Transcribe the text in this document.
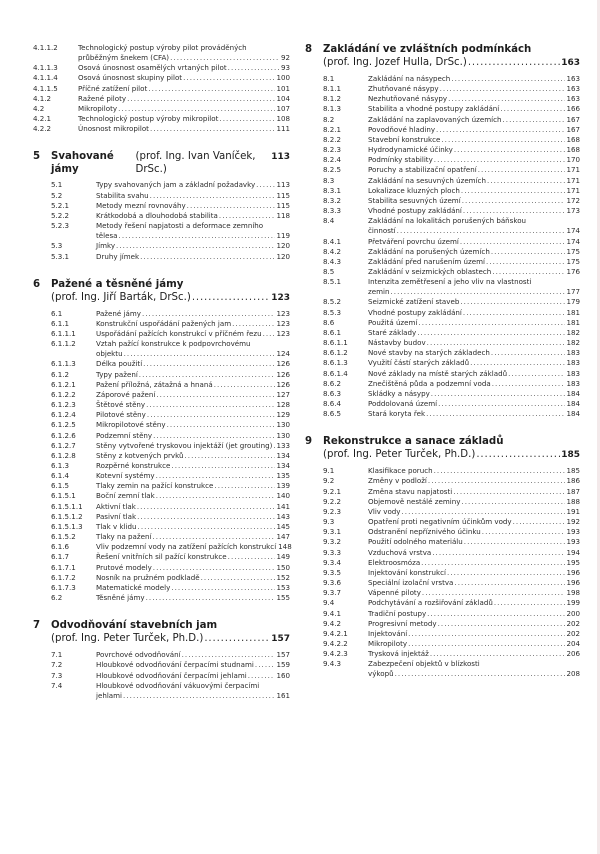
4.1.1.2	Technologický postup výroby pilot prováděných
průběžným šnekem (CFA) . . .	92
4.1.1.3	Osová únosnost osamělých vrtaných pilot . . .	93
4.1.1.4	Osová únosnost skupiny pilot . . .	100
4.1.1.5	Příčné zatížení pilot . . .	101
4.1.2	Ražené piloty . . .	104
4.2	Mikropiloty . . .	107
4.2.1	Technologický postup výroby mikropilot . . .	108
4.2.2	Únosnost mikropilot . . .	111
5 Svahované jámy

(prof. Ing. Ivan Vaníček, DrSc.)
113
5.1	Typy svahovaných jam a základní požadavky . . .	113
5.2	Stabilita svahu . . .	115
5.2.1	Metody mezní rovnováhy . . .	115
5.2.2	Krátkodobá a dlouhodobá stabilita . . .	118
5.2.3	Metody řešení napjatosti a deformace zemního
tělesa . . .	119
5.3	Jímky . . .	120
5.3.1	Druhy jímek . . .	120
6 Pažené a těsněné jámy
(prof. Ing. Jiří Barták, DrSc.) . . .	123
6.1	Pažené jámy . . .	123
6.1.1	Konstrukční uspořádání pažených jam . . .	123
6.1.1.1	Uspořádání pažících konstrukcí v příčném řezu . . . 123
6.1.1.2	Vztah pažící konstrukce k podpovrchovému
objektu . . .	124
6.1.1.3	Délka použití . . .	126
6.1.2	Typy pažení . . .	126
6.1.2.1	Pažení příložná, zátažná a hnaná . . .	126
6.1.2.2	Záporové pažení . . .	127
6.1.2.3	Štětové stěny . . .	128
6.1.2.4	Pilotové stěny . . .	129
6.1.2.5	Mikropilotové stěny . . .	130
6.1.2.6	Podzemní stěny . . .	130
6.1.2.7	Stěny vytvořené tryskovou injektáží (jet grouting) . . . 133
6.1.2.8	Stěny z kotvených prvků . . .	134
6.1.3	Rozpěrné konstrukce . . .	134
6.1.4	Kotevní systémy . . .	135
6.1.5	Tlaky zemin na pažící konstrukce . . .	139
6.1.5.1	Boční zemní tlak . . .	140
6.1.5.1.1	Aktivní tlak . . .	141
6.1.5.1.2	Pasivní tlak . . .	143
6.1.5.1.3	Tlak v klidu . . .	145
6.1.5.2	Tlaky na pažení . . .	147
6.1.6	Vliv podzemní vody na zatížení pažících konstrukcí 148
6.1.7	Řešení vnitřních sil pažící konstrukce . . .	149
6.1.7.1	Prutové modely . . .	150
6.1.7.2	Nosník na pružném podkladě . . .	152
6.1.7.3	Matematické modely . . .	153
6.2	Těsněné jámy . . .	155
7 Odvodňování stavebních jam
(prof. Ing. Peter Turček, Ph.D.) . . .	157
7.1	Povrchové odvodňování . . .	157
7.2	Hloubkové odvodňování čerpacími studnami . . .	159
7.3	Hloubkové odvodňování čerpacími jehlami . . .	160
7.4	Hloubkové odvodňování vákuovými čerpacími
jehlami . . .	161
8 Zakládání ve zvláštních podmínkách
(prof. Ing. Jozef Hulla, DrSc.) . . .	163
8.1	Zakládání na násypech . . .	163
8.1.1	Zhutňované násypy . . .	163
8.1.2	Nezhutňované násypy . . .	163
8.1.3	Stabilita a vhodné postupy zakládání . . .	166
8.2	Zakládání na zaplavovaných územích . . .	167
8.2.1	Povodňové hladiny . . .	167
8.2.2	Stavební konstrukce . . .	168
8.2.3	Hydrodynamické účinky . . .	168
8.2.4	Podmínky stability . . .	170
8.2.5	Poruchy a stabilizační opatření . . .	171
8.3	Zakládání na sesuvných územích . . .	171
8.3.1	Lokalizace kluzných ploch . . .	171
8.3.2	Stabilita sesuvných území . . .	172
8.3.3	Vhodné postupy zakládání . . .	173
8.4	Zakládání na lokalitách porušených báňskou
činností . . .	174
8.4.1	Přetváření povrchu území . . .	174
8.4.2	Zakládání na porušených územích . . .	175
8.4.3	Zakládání před narušením území . . .	175
8.5	Zakládání v seizmických oblastech . . .	176
8.5.1	Intenzita zemětřesení a jeho vliv na vlastnosti
zemin . . .	177
8.5.2	Seizmické zatížení staveb . . .	179
8.5.3	Vhodné postupy zakládání . . .	181
8.6	Použitá území . . .	181
8.6.1	Staré základy . . .	182
8.6.1.1	Nástavby budov . . .	182
8.6.1.2	Nové stavby na starých základech . . .	183
8.6.1.3	Využití částí starých základů . . .	183
8.6.1.4	Nové základy na místě starých základů . . .	183
8.6.2	Znečištěná půda a podzemní voda . . .	183
8.6.3	Skládky a násypy . . .	184
8.6.4	Poddolovaná území . . .	184
8.6.5	Stará koryta řek . . .	184
9 Rekonstrukce a sanace základů
(prof. Ing. Peter Turček, Ph.D.) . . .	185
9.1	Klasifikace poruch . . .	185
9.2	Změny v podloží . . .	186
9.2.1	Změna stavu napjatosti . . .	187
9.2.2	Objemově nestálé zeminy . . .	188
9.2.3	Vliv vody . . .	191
9.3	Opatření proti negativním účinkům vody . . .	192
9.3.1	Odstranění nepříznivého účinku . . .	193
9.3.2	Použití odolného materiálu . . .	193
9.3.3	Vzduchová vrstva . . .	194
9.3.4	Elektroosmóza . . .	195
9.3.5	Injektování konstrukcí . . .	196
9.3.6	Speciální izolační vrstva . . .	196
9.3.7	Vápenné piloty . . .	198
9.4	Podchytávání a rozšiřování základů . . .	199
9.4.1	Tradiční postupy . . .	200
9.4.2	Progresivní metody . . .	202
9.4.2.1	Injektování . . .	202
9.4.2.2	Mikropiloty . . .	204
9.4.2.3	Trysková injektáž . . .	206
9.4.3	Zabezpečení objektů v blízkosti
výkopů . . .	208
